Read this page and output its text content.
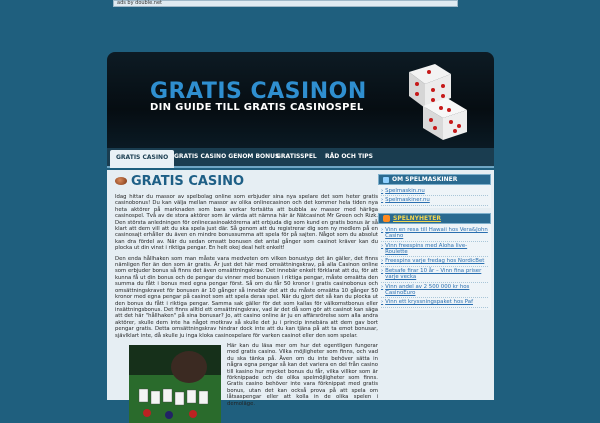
ads by double.net
GRATIS CASINON
DIN GUIDE TILL GRATIS CASINOSPEL
GRATIS CASINO GRATIS CASINO GENOM BONUS
GRATISSPEL RÅD OCH TIPS
GRATIS CASINO

Idag hittar du massor av spelbolag online som erbjuder sina nya spelare det som heter gratis casinobonus! Du kan välja mellan massor av olika onlinecasinon och det kommer hela tiden nya heta aktörer på marknaden som bara verkar fortsätta att bubbla av massor med härliga casinospel. Två av de stora aktörer som är värda att nämna här är Nätcasinot Mr Green och Rizk. Den största anledningen för onlinecasinoaktörerna att erbjuda dig som kund en gratis bonus är så klart att dem vill att du ska spela just där. Så genom att du registrerar dig som ny medlem på en casinosajt erhåller du även en mindre bonussumma att spela för på sajten. Något som du absolut kan dra fördel av. När du sedan omsatt bonusen det antal gånger som casinot kräver kan du plocka ut din vinst i riktiga pengar. En helt okej deal helt enkelt!

Den enda hållhaken som man måste vara medveten om vilken bonustyp det än gäller, det finns nämligen fler än den som är gratis. Är just det här med omsättningskrav, på alla Casinon online som erbjuder bonus så finns det även omsättningskrav. Det innebär enkelt förklarat att du, för att kunna få ut din bonus och de pengar du vinner med bonusen i riktiga pengar, måste omsätta den summa du fått i bonus med egna pengar först. Så om du får 50 kronor i gratis casinobonus och omsättningskravet för bonusen är 10 gånger så innebär det att du måste omsätta 10 gånger 50 kronor med egna pengar på casinot som att spela deras spel. När du gjort det så kan du plocka ut den bonus du fått i riktiga pengar. Samma sak gäller för det som kallas för välkomstbonus eller insättningsbonus. Det finns alltid ett omsättningskrav, vad är det då som gör att casinot kan säga att det här "hållhaken" på sina bonusar? Jo, att casino online är ju en affärsrörelse som alla andra aktörer, skulle dem inte ha något motkrav så skulle det ju i princip innebära att dem gav bort pengar gratis. Detta omsättningskrav hindrar dock inte att du kan tjäna på att ta emot bonusar, sjävlklart inte, då skulle ju inga kloka casinospelare för varken casinot eller den som spelar.

Här kan du läsa mer om hur det egentligen fungerar med gratis casino. Vilka möjligheter som finns, och vad du ska tänka på. Även om du inte behöver sätta in några egna pengar så kan det variera en del från casino till kasino hur mycket bonus du får, vilka villkor som är förknippade och de olika spelmöjligheter som finns. Gratis casino behöver inte vara förknippat med gratis bonus, utan det kan också prova på att spela om låtsaspengar eller att kolla in de olika spelen i demoläge.

OM SPELMASKINER
› Spelmaskin.nu
› Spelmaskiner.nu
SPELNYHETER
› Vinn en resa till Hawaii hos Vera&John Casino
› Vinn freespins med Aloha live-Roulette
› Freespins varje fredag hos NordicBet
› Betsafe firar 10 år – Vinn fina priser varje vecka
› Vinn andel av 2 500 000 kr hos CasinoEuro
› Vinn ett kryssningspaket hos Paf
